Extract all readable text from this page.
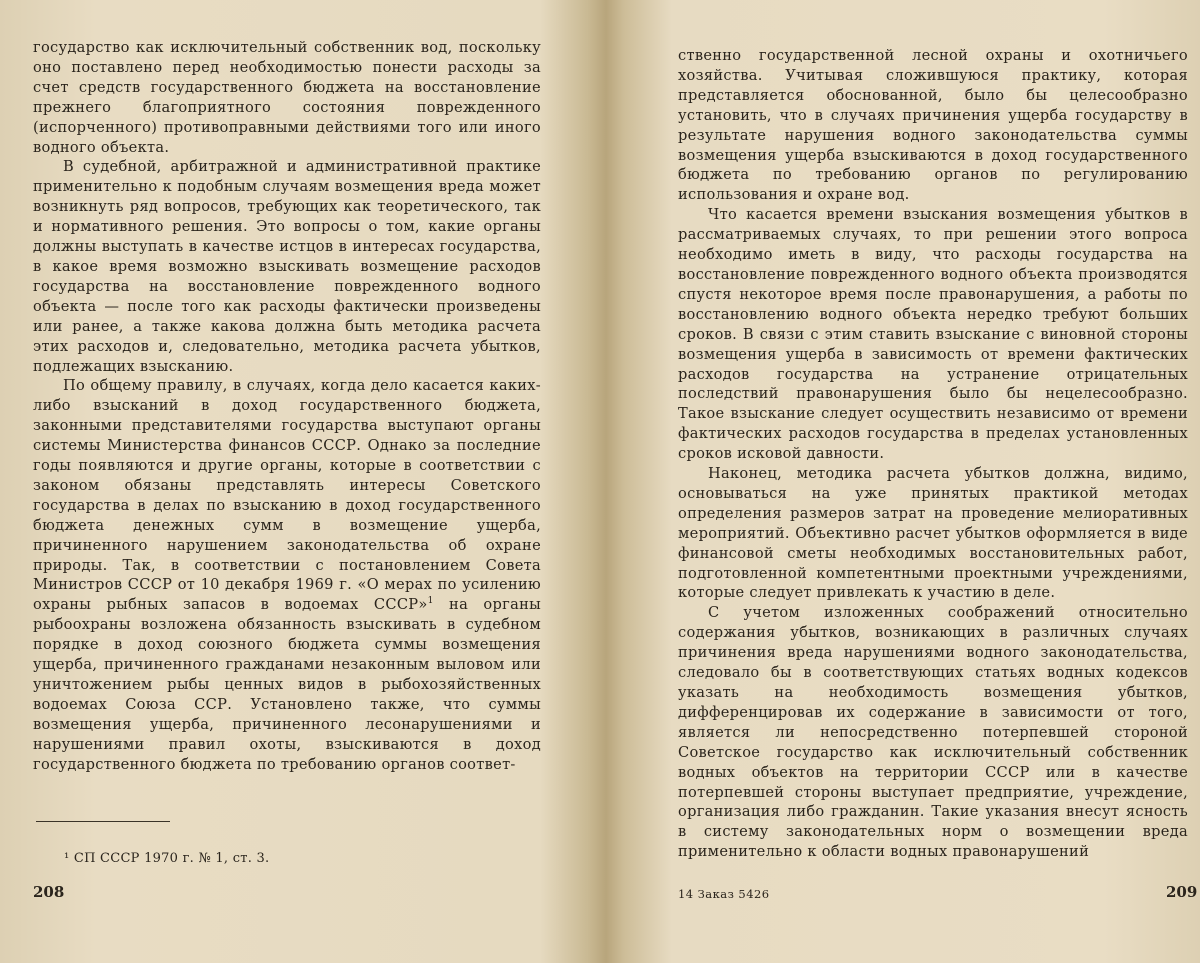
государство как исключительный собственник вод, поскольку оно поставлено перед необходимостью понести расходы за счет средств государственного бюджета на восстановление прежнего благоприятного состояния поврежденного (испорченного) противоправными действиями того или иного водного объекта.

В судебной, арбитражной и административной практике применительно к подобным случаям возмещения вреда может возникнуть ряд вопросов, требующих как теоретического, так и нормативного решения. Это вопросы о том, какие органы должны выступать в качестве истцов в интересах государства, в какое время возможно взыскивать возмещение расходов государства на восстановление поврежденного водного объекта — после того как расходы фактически произведены или ранее, а также какова должна быть методика расчета этих расходов и, следовательно, методика расчета убытков, подлежащих взысканию.

По общему правилу, в случаях, когда дело касается каких-либо взысканий в доход государственного бюджета, законными представителями государства выступают органы системы Министерства финансов СССР. Однако за последние годы появляются и другие органы, которые в соответствии с законом обязаны представлять интересы Советского государства в делах по взысканию в доход государственного бюджета денежных сумм в возмещение ущерба, причиненного нарушением законодательства об охране природы. Так, в соответствии с постановлением Совета Министров СССР от 10 декабря 1969 г. «О мерах по усилению охраны рыбных запасов в водоемах СССР»$^1$ на органы рыбоохраны возложена обязанность взыскивать в судебном порядке в доход союзного бюджета суммы возмещения ущерба, причиненного гражданами незаконным выловом или уничтожением рыбы ценных видов в рыбохозяйственных водоемах Союза ССР. Установлено также, что суммы возмещения ущерба, причиненного лесонарушениями и нарушениями правил охоты, взыскиваются в доход государственного бюджета по требованию органов соответ-

¹ СП СССР 1970 г. № 1, ст. 3.
208

ственно государственной лесной охраны и охотничьего хозяйства. Учитывая сложившуюся практику, которая представляется обоснованной, было бы целесообразно установить, что в случаях причинения ущерба государству в результате нарушения водного законодательства суммы возмещения ущерба взыскиваются в доход государственного бюджета по требованию органов по регулированию использования и охране вод.

Что касается времени взыскания возмещения убытков в рассматриваемых случаях, то при решении этого вопроса необходимо иметь в виду, что расходы государства на восстановление поврежденного водного объекта производятся спустя некоторое время после правонарушения, а работы по восстановлению водного объекта нередко требуют больших сроков. В связи с этим ставить взыскание с виновной стороны возмещения ущерба в зависимость от времени фактических расходов государства на устранение отрицательных последствий правонарушения было бы нецелесообразно. Такое взыскание следует осуществить независимо от времени фактических расходов государства в пределах установленных сроков исковой давности.

Наконец, методика расчета убытков должна, видимо, основываться на уже принятых практикой методах определения размеров затрат на проведение мелиоративных мероприятий. Объективно расчет убытков оформляется в виде финансовой сметы необходимых восстановительных работ, подготовленной компетентными проектными учреждениями, которые следует привлекать к участию в деле.

С учетом изложенных соображений относительно содержания убытков, возникающих в различных случаях причинения вреда нарушениями водного законодательства, следовало бы в соответствующих статьях водных кодексов указать на необходимость возмещения убытков, дифференцировав их содержание в зависимости от того, является ли непосредственно потерпевшей стороной Советское государство как исключительный собственник водных объектов на территории СССР или в качестве потерпевшей стороны выступает предприятие, учреждение, организация либо гражданин. Такие указания внесут ясность в систему законодательных норм о возмещении вреда применительно к области водных правонарушений

14 Заказ 5426	209
